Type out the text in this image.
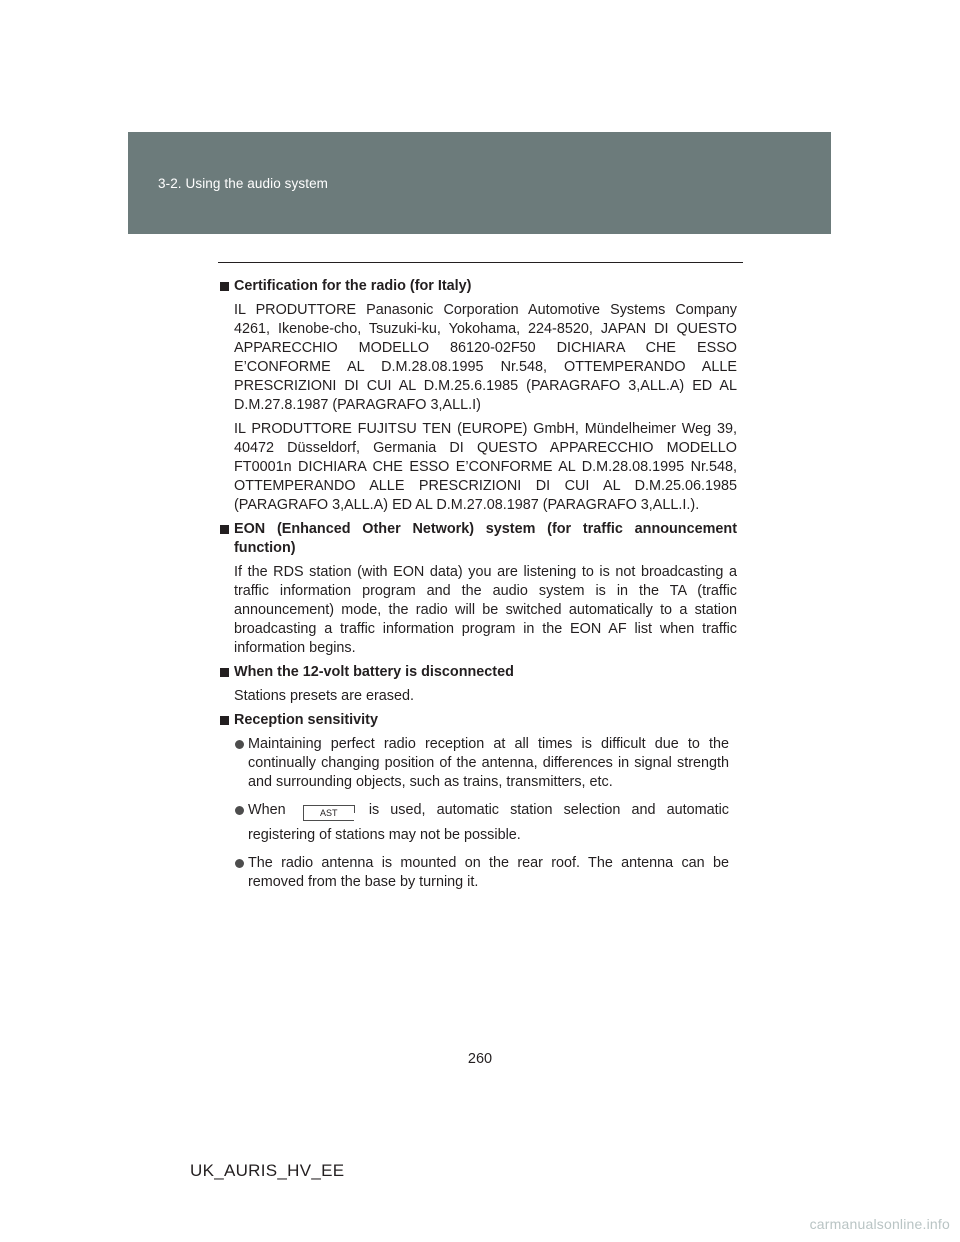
3-2. Using the audio system
Certification for the radio (for Italy)
IL PRODUTTORE Panasonic Corporation Automotive Systems Company 4261, Ikenobe-cho, Tsuzuki-ku, Yokohama, 224-8520, JAPAN DI QUESTO APPARECCHIO MODELLO 86120-02F50 DICHIARA CHE ESSO E’CONFORME AL D.M.28.08.1995 Nr.548, OTTEMPERANDO ALLE PRESCRIZIONI DI CUI AL D.M.25.6.1985 (PARAGRAFO 3,ALL.A) ED AL D.M.27.8.1987 (PARAGRAFO 3,ALL.I)
IL PRODUTTORE FUJITSU TEN (EUROPE) GmbH, Mündelheimer Weg 39, 40472 Düsseldorf, Germania DI QUESTO APPARECCHIO MODELLO FT0001n DICHIARA CHE ESSO E’CONFORME AL D.M.28.08.1995 Nr.548, OTTEMPERANDO ALLE PRESCRIZIONI DI CUI AL D.M.25.06.1985 (PARAGRAFO 3,ALL.A) ED AL D.M.27.08.1987 (PARAGRAFO 3,ALL.I.).
EON (Enhanced Other Network) system (for traffic announcement function)
If the RDS station (with EON data) you are listening to is not broadcasting a traffic information program and the audio system is in the TA (traffic announcement) mode, the radio will be switched automatically to a station broadcasting a traffic information program in the EON AF list when traffic information begins.
When the 12-volt battery is disconnected
Stations presets are erased.
Reception sensitivity
Maintaining perfect radio reception at all times is difficult due to the continually changing position of the antenna, differences in signal strength and surrounding objects, such as trains, transmitters, etc.
When	AST is used, automatic station selection and automatic registering of stations may not be possible.
The radio antenna is mounted on the rear roof. The antenna can be removed from the base by turning it.
260
UK_AURIS_HV_EE
carmanualsonline.info
